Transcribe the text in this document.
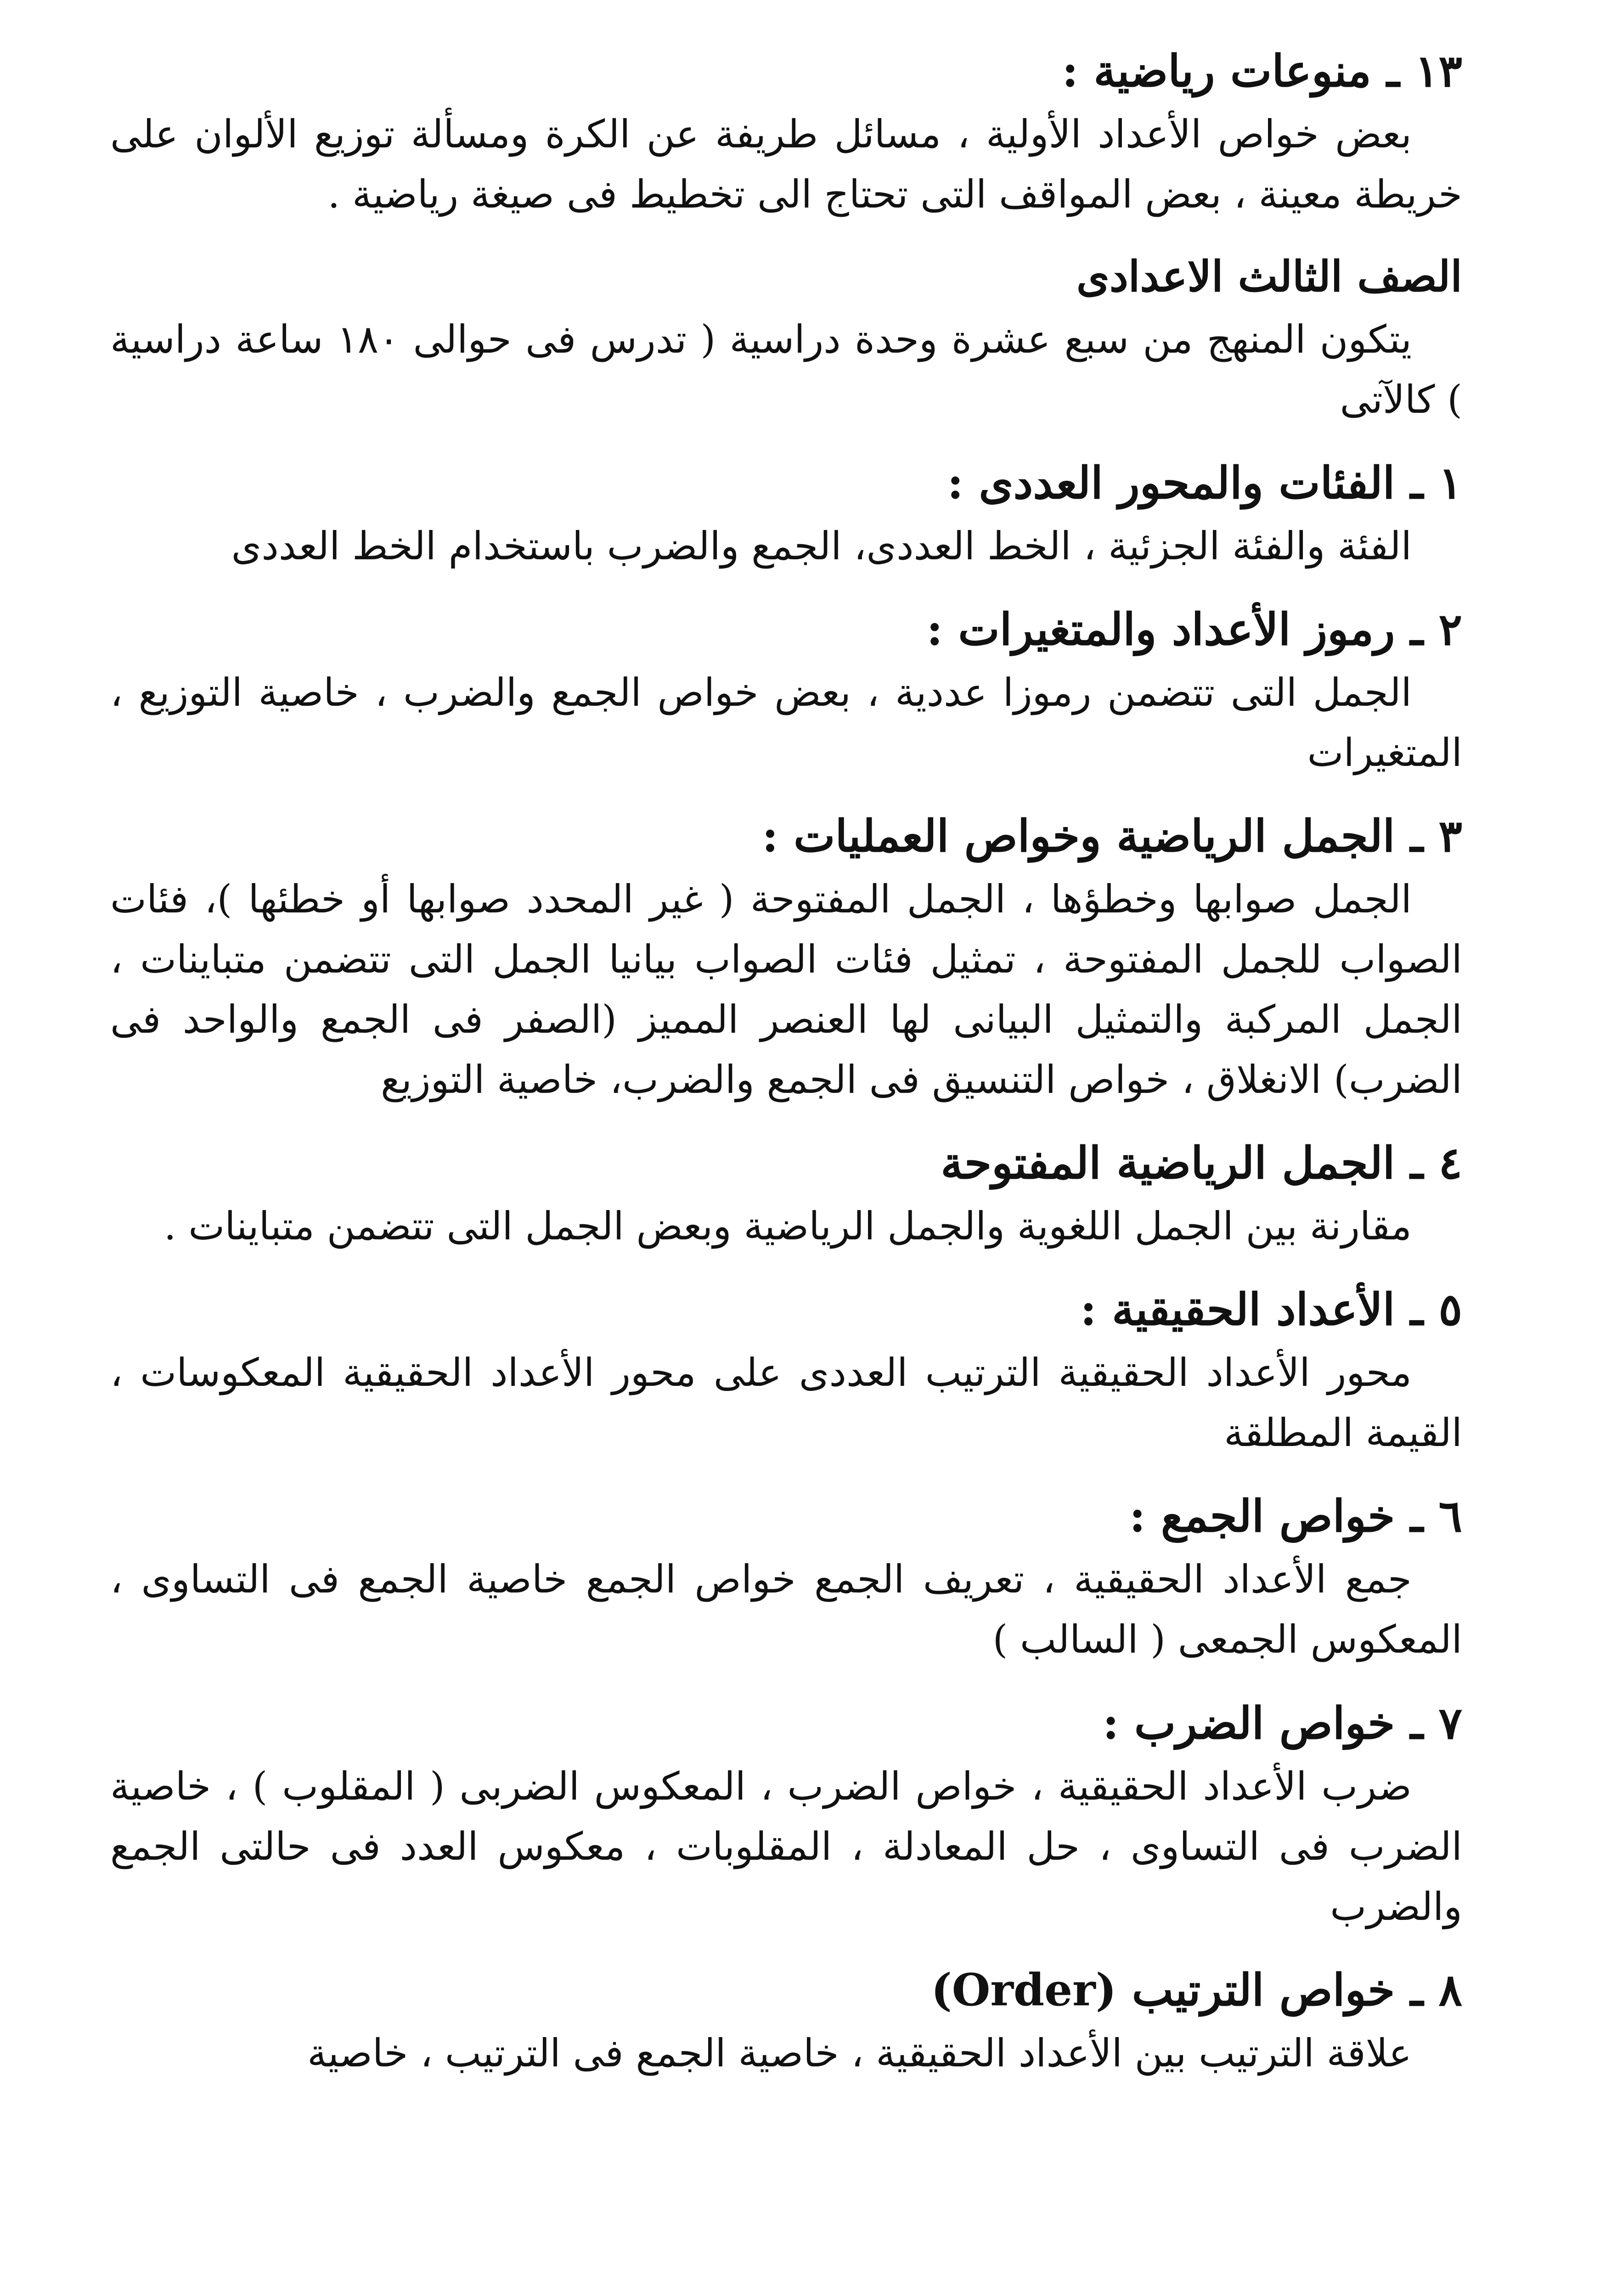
١٣ ـ منوعات رياضية :
بعض خواص الأعداد الأولية ، مسائل طريفة عن الكرة ومسألة توزيع الألوان على خريطة معينة ، بعض المواقف التى تحتاج الى تخطيط فى صيغة رياضية .
الصف الثالث الاعدادى
يتكون المنهج من سبع عشرة وحدة دراسية ( تدرس فى حوالى ١٨٠ ساعة دراسية ) كالآتى
١ ـ الفئات والمحور العددى :
الفئة والفئة الجزئية ، الخط العددى، الجمع والضرب باستخدام الخط العددى
٢ ـ رموز الأعداد والمتغيرات :
الجمل التى تتضمن رموزا عددية ، بعض خواص الجمع والضرب ، خاصية التوزيع ، المتغيرات
٣ ـ الجمل الرياضية وخواص العمليات :
الجمل صوابها وخطؤها ، الجمل المفتوحة ( غير المحدد صوابها أو خطئها )، فئات الصواب للجمل المفتوحة ، تمثيل فئات الصواب بيانيا الجمل التى تتضمن متباينات ، الجمل المركبة والتمثيل البيانى لها العنصر المميز (الصفر فى الجمع والواحد فى الضرب) الانغلاق ، خواص التنسيق فى الجمع والضرب، خاصية التوزيع
٤ ـ الجمل الرياضية المفتوحة
مقارنة بين الجمل اللغوية والجمل الرياضية وبعض الجمل التى تتضمن متباينات .
٥ ـ الأعداد الحقيقية :
محور الأعداد الحقيقية الترتيب العددى على محور الأعداد الحقيقية المعكوسات ، القيمة المطلقة
٦ ـ خواص الجمع :
جمع الأعداد الحقيقية ، تعريف الجمع خواص الجمع خاصية الجمع فى التساوى ، المعكوس الجمعى ( السالب )
٧ ـ خواص الضرب :
ضرب الأعداد الحقيقية ، خواص الضرب ، المعكوس الضربى ( المقلوب ) ، خاصية الضرب فى التساوى ، حل المعادلة ، المقلوبات ، معكوس العدد فى حالتى الجمع والضرب
٨ ـ خواص الترتيب (Order)
علاقة الترتيب بين الأعداد الحقيقية ، خاصية الجمع فى الترتيب ، خاصية
